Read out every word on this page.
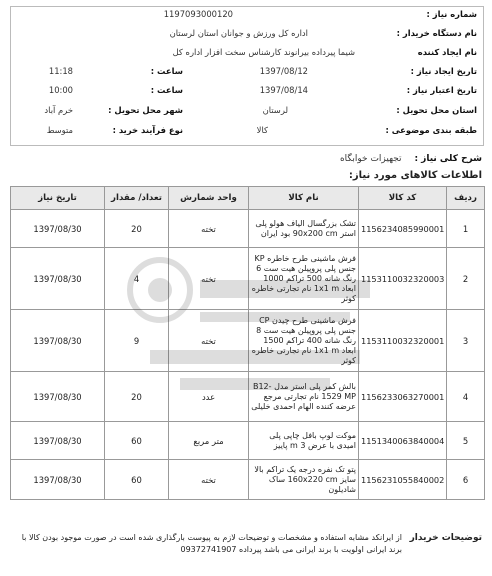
شماره نیاز :
1197093000120
نام دستگاه خریدار :
اداره کل ورزش و جوانان استان لرستان
نام ایجاد کننده
شیما پیرداده بیرانوند کارشناس سخت افزار اداره کل
تاریخ ایجاد نیاز :
1397/08/12
ساعت :
11:18
تاریخ اعتبار نیاز :
1397/08/14
ساعت :
10:00
استان محل تحویل :
لرستان
شهر محل تحویل :
خرم آباد
طبقه بندی موضوعی :
کالا
نوع فرآیند خرید :
متوسط
شرح کلی نیاز : تجهیزات خوابگاه
اطلاعات کالاهای مورد نیاز:
ردیف	کد کالا	نام کالا	واحد شمارش	تعداد/ مقدار	تاریخ نیاز
1	1156234085990001	تشک بزرگسال الیاف هولو پلی استر 90x200 cm بود ایران	تخته	20	1397/08/30
2	1153110032320003	فرش ماشینی طرح خاطره KP جنس پلی پروپیلن هیت ست 6 رنگ شانه 500 تراکم 1000 ابعاد 1x1 m نام تجارتی خاطره کوثر	تخته	4	1397/08/30
3	1153110032320001	فرش ماشینی طرح چیدن CP جنس پلی پروپیلن هیت ست 8 رنگ شانه 400 تراکم 1500 ابعاد 1x1 m نام تجارتی خاطره کوثر	تخته	9	1397/08/30
4	1156233063270001	بالش کمر پلی استر مدل B12-1529 MP نام تجارتی مرجع عرضه کننده الهام احمدی خلیلی	عدد	20	1397/08/30
5	1151340063840004	موکت لوپ بافل چاپی پلی امیدی با عرض m 3 پاییز	متر مربع	60	1397/08/30
6	1156231055840002	پتو تک نفره درجه یک تراکم بالا سایز 160x220 cm ساک شادیلون	تخته	60	1397/08/30
توضیحات خریدار
از ایرانکد مشابه استفاده و مشخصات و توضیحات لازم به پیوست بارگذاری شده است در صورت موجود بودن کالا با برند ایرانی اولویت با برند ایرانی می باشد پیرداده 09372741907
